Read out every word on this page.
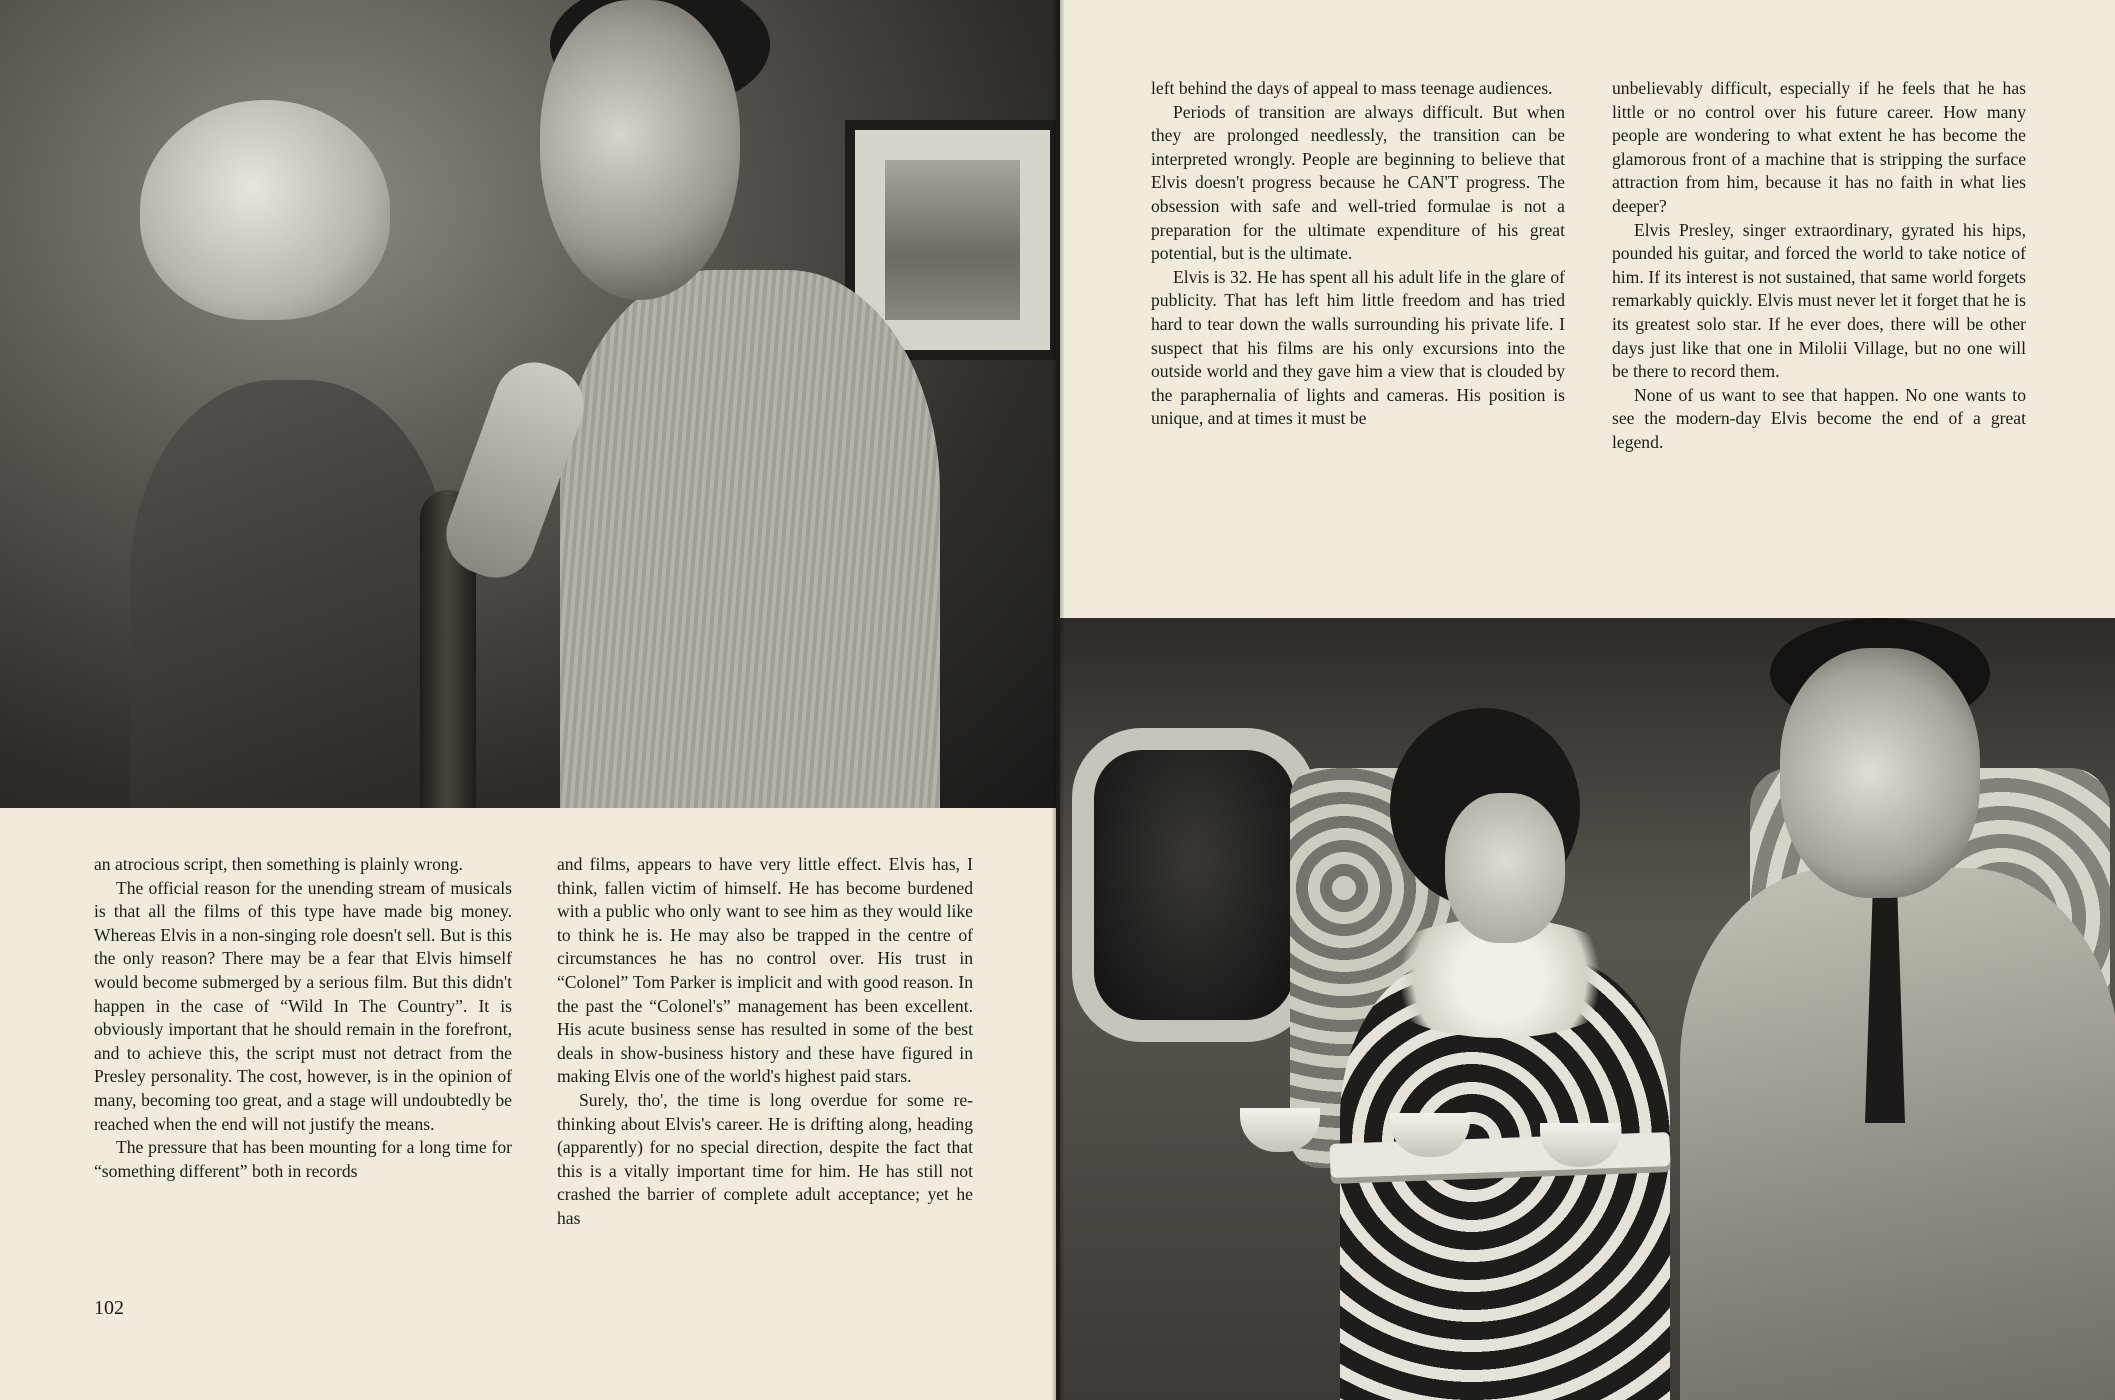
an atrocious script, then something is plainly wrong.

The official reason for the unending stream of musicals is that all the films of this type have made big money. Whereas Elvis in a non-singing role doesn't sell. But is this the only reason? There may be a fear that Elvis himself would become submerged by a serious film. But this didn't happen in the case of “Wild In The Country”. It is obviously important that he should remain in the forefront, and to achieve this, the script must not detract from the Presley personality. The cost, however, is in the opinion of many, becoming too great, and a stage will undoubtedly be reached when the end will not justify the means.

The pressure that has been mounting for a long time for “something different” both in records

and films, appears to have very little effect. Elvis has, I think, fallen victim of himself. He has become burdened with a public who only want to see him as they would like to think he is. He may also be trapped in the centre of circumstances he has no control over. His trust in “Colonel” Tom Parker is implicit and with good reason. In the past the “Colonel's” management has been excellent. His acute business sense has resulted in some of the best deals in show-business history and these have figured in making Elvis one of the world's highest paid stars.

Surely, tho', the time is long overdue for some re-thinking about Elvis's career. He is drifting along, heading (apparently) for no special direction, despite the fact that this is a vitally important time for him. He has still not crashed the barrier of complete adult acceptance; yet he has

102

left behind the days of appeal to mass teenage audiences.

Periods of transition are always difficult. But when they are prolonged needlessly, the transition can be interpreted wrongly. People are beginning to believe that Elvis doesn't progress because he CAN'T progress. The obsession with safe and well-tried formulae is not a preparation for the ultimate expenditure of his great potential, but is the ultimate.

Elvis is 32. He has spent all his adult life in the glare of publicity. That has left him little freedom and has tried hard to tear down the walls surrounding his private life. I suspect that his films are his only excursions into the outside world and they gave him a view that is clouded by the paraphernalia of lights and cameras. His position is unique, and at times it must be

unbelievably difficult, especially if he feels that he has little or no control over his future career. How many people are wondering to what extent he has become the glamorous front of a machine that is stripping the surface attraction from him, because it has no faith in what lies deeper?

Elvis Presley, singer extraordinary, gyrated his hips, pounded his guitar, and forced the world to take notice of him. If its interest is not sustained, that same world forgets remarkably quickly. Elvis must never let it forget that he is its greatest solo star. If he ever does, there will be other days just like that one in Milolii Village, but no one will be there to record them.

None of us want to see that happen. No one wants to see the modern-day Elvis become the end of a great legend.
